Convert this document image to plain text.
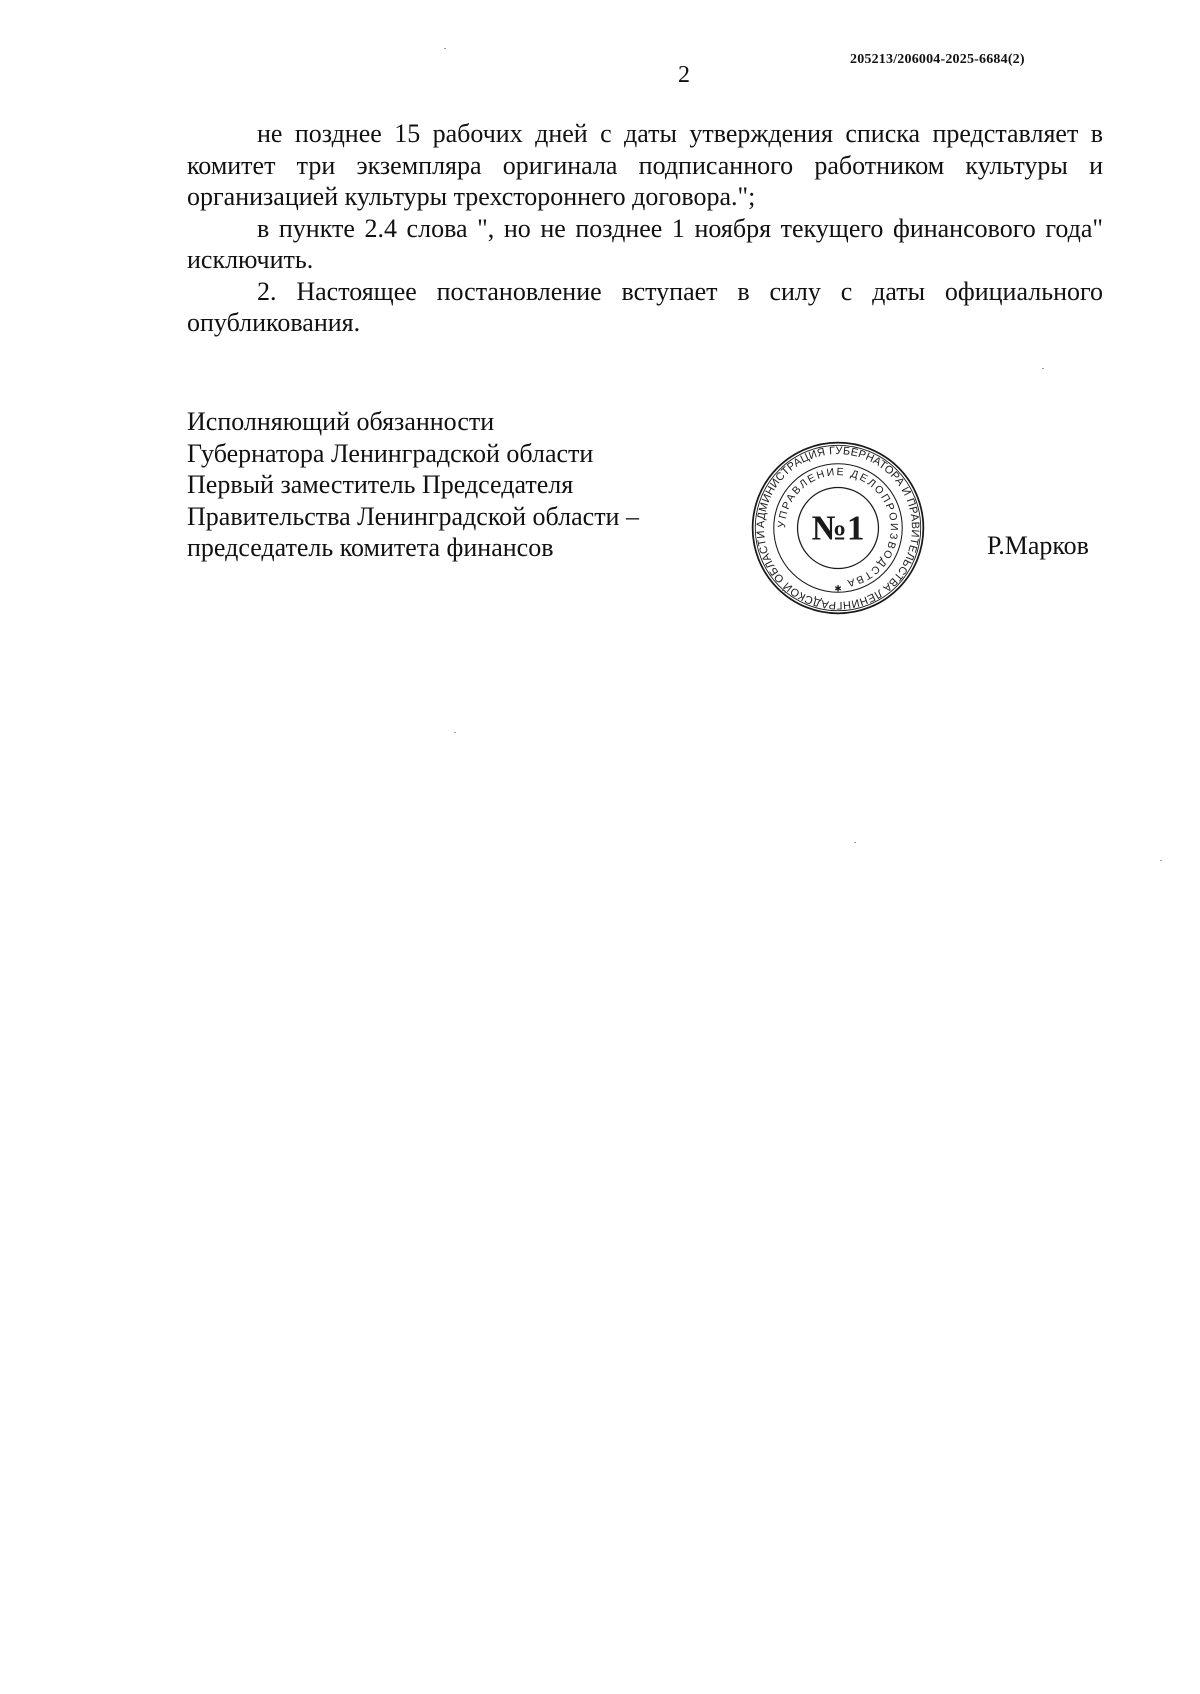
205213/206004-2025-6684(2)
2

не позднее 15 рабочих дней с даты утверждения списка представляет в комитет три экземпляра оригинала подписанного работником культуры и организацией культуры трехстороннего договора.";

в пункте 2.4 слова ", но не позднее 1 ноября текущего финансового года" исключить.

2. Настоящее постановление вступает в силу с даты официального опубликования.

Исполняющий обязанности
Губернатора Ленинградской области
Первый заместитель Председателя
Правительства Ленинградской области –
председатель комитета финансов	Р.Марков
АДМИНИСТРАЦИЯ ГУБЕРНАТОРА И ПРАВИТЕЛЬСТВА ЛЕНИНГРАДСКОЙ ОБЛАСТИ
УПРАВЛЕНИЕ ДЕЛОПРОИЗВОДСТВА
№1
✱
